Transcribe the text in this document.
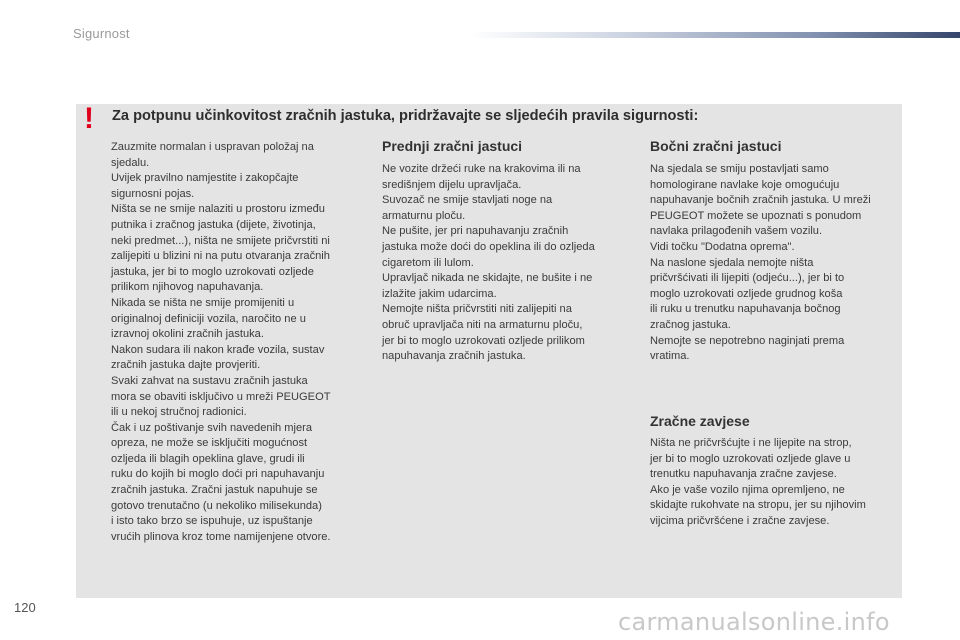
Sigurnost
! Za potpunu učinkovitost zračnih jastuka, pridržavajte se sljedećih pravila sigurnosti:

Zauzmite normalan i uspravan položaj na

sjedalu.

Uvijek pravilno namjestite i zakopčajte

sigurnosni pojas.

Ništa se ne smije nalaziti u prostoru između

putnika i zračnog jastuka (dijete, životinja,

neki predmet...), ništa ne smijete pričvrstiti ni

zalijepiti u blizini ni na putu otvaranja zračnih

jastuka, jer bi to moglo uzrokovati ozljede

prilikom njihovog napuhavanja.

Nikada se ništa ne smije promijeniti u

originalnoj definiciji vozila, naročito ne u

izravnoj okolini zračnih jastuka.

Nakon sudara ili nakon krađe vozila, sustav

zračnih jastuka dajte provjeriti.

Svaki zahvat na sustavu zračnih jastuka

mora se obaviti isključivo u mreži PEUGEOT

ili u nekoj stručnoj radionici.

Čak i uz poštivanje svih navedenih mjera

opreza, ne može se isključiti mogućnost

ozljeda ili blagih opeklina glave, grudi ili

ruku do kojih bi moglo doći pri napuhavanju

zračnih jastuka. Zračni jastuk napuhuje se

gotovo trenutačno (u nekoliko milisekunda)

i isto tako brzo se ispuhuje, uz ispuštanje

vrućih plinova kroz tome namijenjene otvore.

Prednji zračni jastuci

Ne vozite držeći ruke na krakovima ili na

središnjem dijelu upravljača.

Suvozač ne smije stavljati noge na

armaturnu ploču.

Ne pušite, jer pri napuhavanju zračnih

jastuka može doći do opeklina ili do ozljeda

cigaretom ili lulom.

Upravljač nikada ne skidajte, ne bušite i ne

izlažite jakim udarcima.

Nemojte ništa pričvrstiti niti zalijepiti na

obruč upravljača niti na armaturnu ploču,

jer bi to moglo uzrokovati ozljede prilikom

napuhavanja zračnih jastuka.

Bočni zračni jastuci

Na sjedala se smiju postavljati samo

homologirane navlake koje omogućuju

napuhavanje bočnih zračnih jastuka. U mreži

PEUGEOT možete se upoznati s ponudom

navlaka prilagođenih vašem vozilu.

Vidi točku "Dodatna oprema".

Na naslone sjedala nemojte ništa

pričvršćivati ili lijepiti (odjeću...), jer bi to

moglo uzrokovati ozljede grudnog koša

ili ruku u trenutku napuhavanja bočnog

zračnog jastuka.

Nemojte se nepotrebno naginjati prema

vratima.

Zračne zavjese

Ništa ne pričvršćujte i ne lijepite na strop,

jer bi to moglo uzrokovati ozljede glave u

trenutku napuhavanja zračne zavjese.

Ako je vaše vozilo njima opremljeno, ne

skidajte rukohvate na stropu, jer su njihovim

vijcima pričvršćene i zračne zavjese.

120
carmanualsonline.info
